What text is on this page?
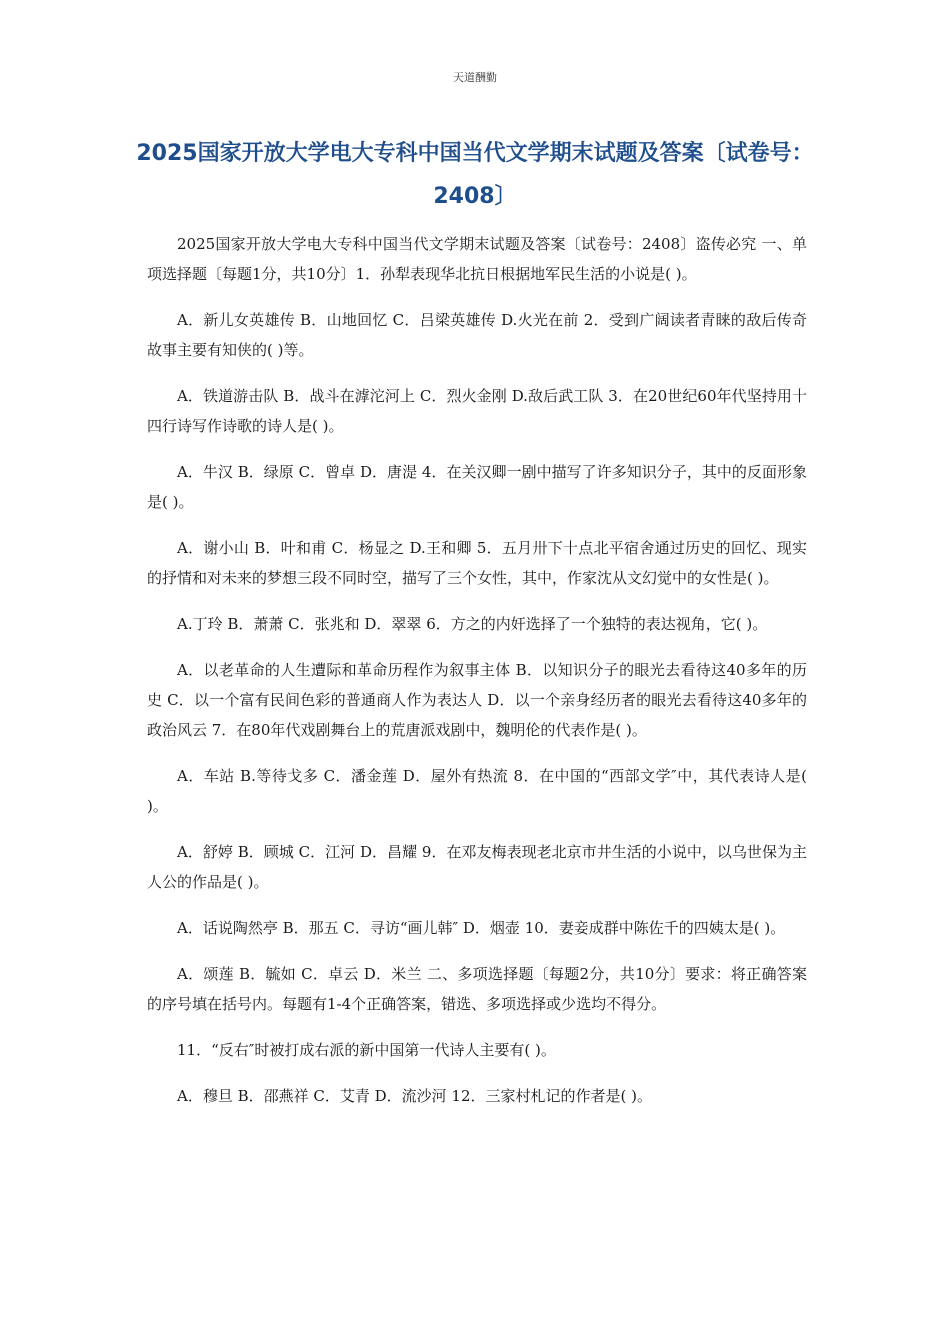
天道酬勤
2025国家开放大学电大专科中国当代文学期末试题及答案〔试卷号：2408〕

2025国家开放大学电大专科中国当代文学期末试题及答案〔试卷号：2408〕盗传必究 一、单项选择题〔每题1分，共10分〕1．孙犁表现华北抗日根据地军民生活的小说是( )。

A．新儿女英雄传 B．山地回忆 C．吕梁英雄传 D.火光在前 2．受到广阔读者青睐的敌后传奇故事主要有知侠的( )等。

A．铁道游击队 B．战斗在滹沱河上 C．烈火金刚 D.敌后武工队 3．在20世纪60年代坚持用十四行诗写作诗歌的诗人是( )。

A．牛汉 B．绿原 C．曾卓 D．唐湜 4．在关汉卿一剧中描写了许多知识分子，其中的反面形象是( )。

A．谢小山 B．叶和甫 C．杨显之 D.王和卿 5．五月卅下十点北平宿舍通过历史的回忆、现实的抒情和对未来的梦想三段不同时空，描写了三个女性，其中，作家沈从文幻觉中的女性是( )。

A.丁玲 B．萧萧 C．张兆和 D．翠翠 6．方之的内奸选择了一个独特的表达视角，它( )。

A．以老革命的人生遭际和革命历程作为叙事主体 B．以知识分子的眼光去看待这40多年的历史 C．以一个富有民间色彩的普通商人作为表达人 D．以一个亲身经历者的眼光去看待这40多年的政治风云 7．在80年代戏剧舞台上的荒唐派戏剧中，魏明伦的代表作是( )。

A．车站 B.等待戈多 C．潘金莲 D．屋外有热流 8．在中国的“西部文学″中，其代表诗人是( )。

A．舒婷 B．顾城 C．江河 D．昌耀 9．在邓友梅表现老北京市井生活的小说中，以乌世保为主人公的作品是( )。

A．话说陶然亭 B．那五 C．寻访“画儿韩″ D．烟壶 10．妻妾成群中陈佐千的四姨太是( )。

A．颂莲 B．毓如 C．卓云 D．米兰 二、多项选择题〔每题2分，共10分〕要求：将正确答案的序号填在括号内。每题有1-4个正确答案，错选、多项选择或少选均不得分。

11．“反右″时被打成右派的新中国第一代诗人主要有( )。

A．穆旦 B．邵燕祥 C．艾青 D．流沙河 12．三家村札记的作者是( )。
